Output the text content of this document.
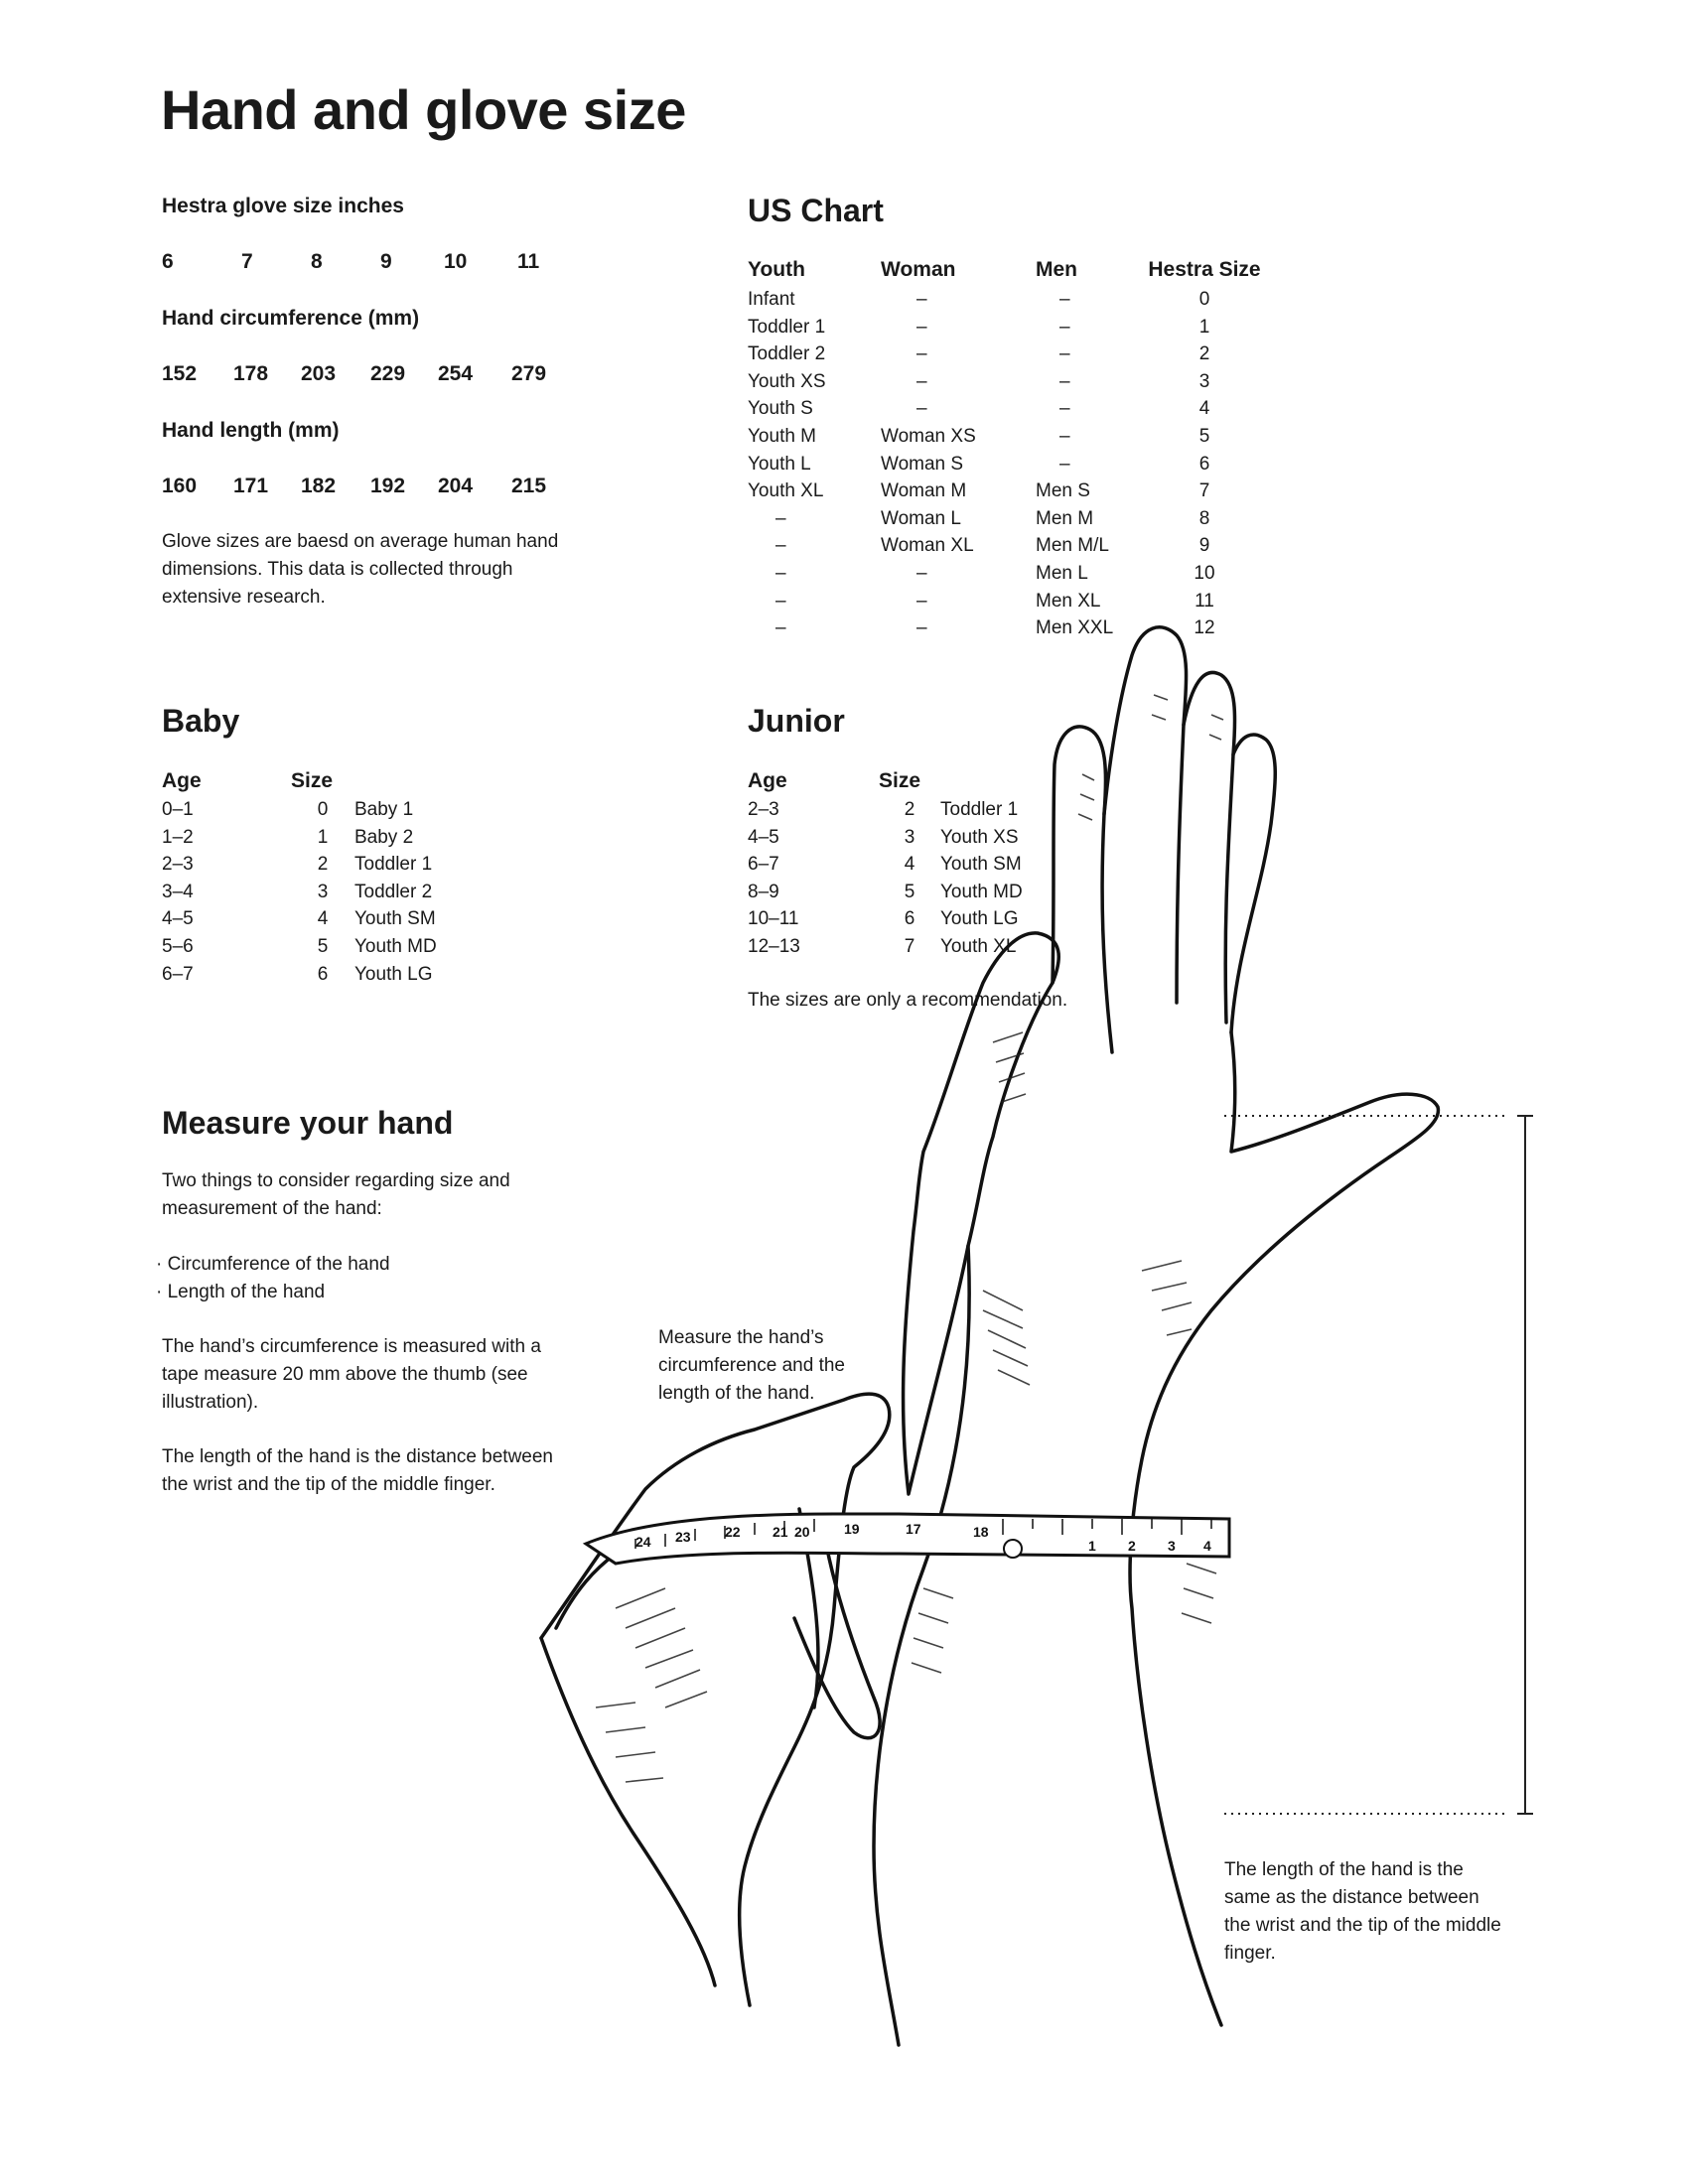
Hand and glove size
Hestra glove size inches
6	7	8	9	10	11
Hand circumference (mm)
152	178	203	229	254	279
Hand length (mm)
160	171	182	192	204	215
Glove sizes are baesd on average human hand dimensions. This data is collected through extensive research.
US Chart
Youth	Woman	Men	Hestra Size
Infant	–	–	0
Toddler 1	–	–	1
Toddler 2	–	–	2
Youth XS	–	–	3
Youth S	–	–	4
Youth M	Woman XS	–	5
Youth L	Woman S	–	6
Youth XL	Woman M	Men S	7
–	Woman L	Men M	8
–	Woman XL	Men M/L	9
–	–	Men L	10
–	–	Men XL	11
–	–	Men XXL	12
Baby
Age	Size	
0–1	0	Baby 1
1–2	1	Baby 2
2–3	2	Toddler 1
3–4	3	Toddler 2
4–5	4	Youth SM
5–6	5	Youth MD
6–7	6	Youth LG
Junior
Age	Size	
2–3	2	Toddler 1
4–5	3	Youth XS
6–7	4	Youth SM
8–9	5	Youth MD
10–11	6	Youth LG
12–13	7	Youth XL
The sizes are only a recommendation.
Measure your hand
Two things to consider regarding size and measurement of the hand:
· Circumference of the hand
· Length of the hand
The hand’s circumference is measured with a tape measure 20 mm above the thumb (see illustration).
The length of the hand is the distance between the wrist and the tip of the middle finger.
Measure the hand’s circumference and the length of the hand.
The length of the hand is the same as the distance between the wrist and the tip of the middle finger.
1 2 3 4
17	18
19
20
21
22
23
24
